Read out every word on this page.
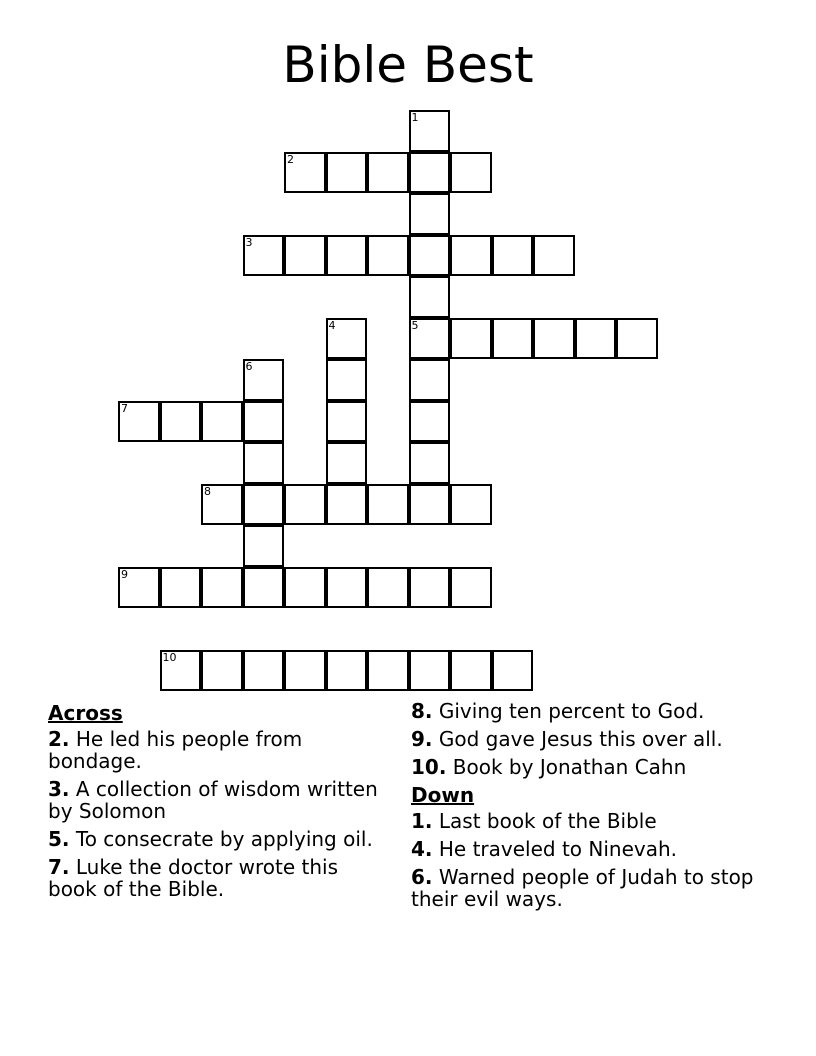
Bible Best
1
2
3
4	5
6
7
8
9
10
Across
2. He led his people from bondage.
3. A collection of wisdom written by Solomon
5. To consecrate by applying oil.
7. Luke the doctor wrote this book of the Bible.
8. Giving ten percent to God.
9. God gave Jesus this over all.
10. Book by Jonathan Cahn
Down
1. Last book of the Bible
4. He traveled to Ninevah.
6. Warned people of Judah to stop their evil ways.
